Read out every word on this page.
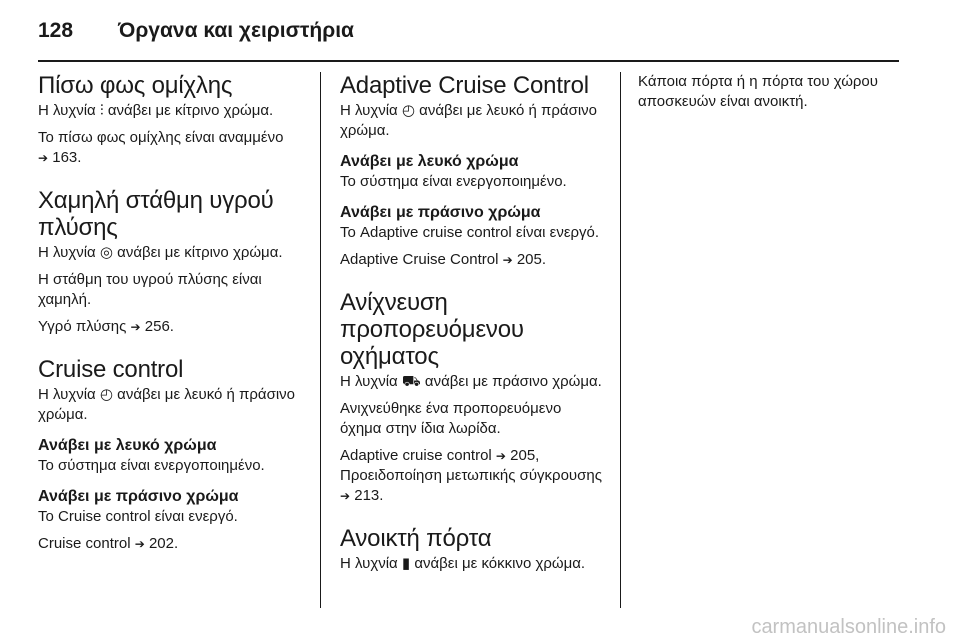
128 Όργανα και χειριστήρια
Πίσω φως ομίχλης

Η λυχνία ⫶ ανάβει με κίτρινο χρώμα.

Το πίσω φως ομίχλης είναι αναμμένο
➔ 163.

Χαμηλή στάθμη υγρού πλύσης

Η λυχνία ◎ ανάβει με κίτρινο χρώμα.

Η στάθμη του υγρού πλύσης είναι χαμηλή.

Υγρό πλύσης ➔ 256.

Cruise control

Η λυχνία ◴ ανάβει με λευκό ή πράσινο χρώμα.

Ανάβει με λευκό χρώμα

Το σύστημα είναι ενεργοποιημένο.

Ανάβει με πράσινο χρώμα

Το Cruise control είναι ενεργό.

Cruise control ➔ 202.

Adaptive Cruise Control

Η λυχνία ◴ ανάβει με λευκό ή πράσινο χρώμα.

Ανάβει με λευκό χρώμα

Το σύστημα είναι ενεργοποιημένο.

Ανάβει με πράσινο χρώμα

Το Adaptive cruise control είναι ενεργό.

Adaptive Cruise Control ➔ 205.

Ανίχνευση προπορευόμενου οχήματος

Η λυχνία ⛟ ανάβει με πράσινο χρώμα.

Ανιχνεύθηκε ένα προπορευόμενο όχημα στην ίδια λωρίδα.

Adaptive cruise control ➔ 205, Προειδοποίηση μετωπικής σύγκρουσης
➔ 213.

Ανοικτή πόρτα

Η λυχνία ▮ ανάβει με κόκκινο χρώμα.

Κάποια πόρτα ή η πόρτα του χώρου αποσκευών είναι ανοικτή.

carmanualsonline.info
